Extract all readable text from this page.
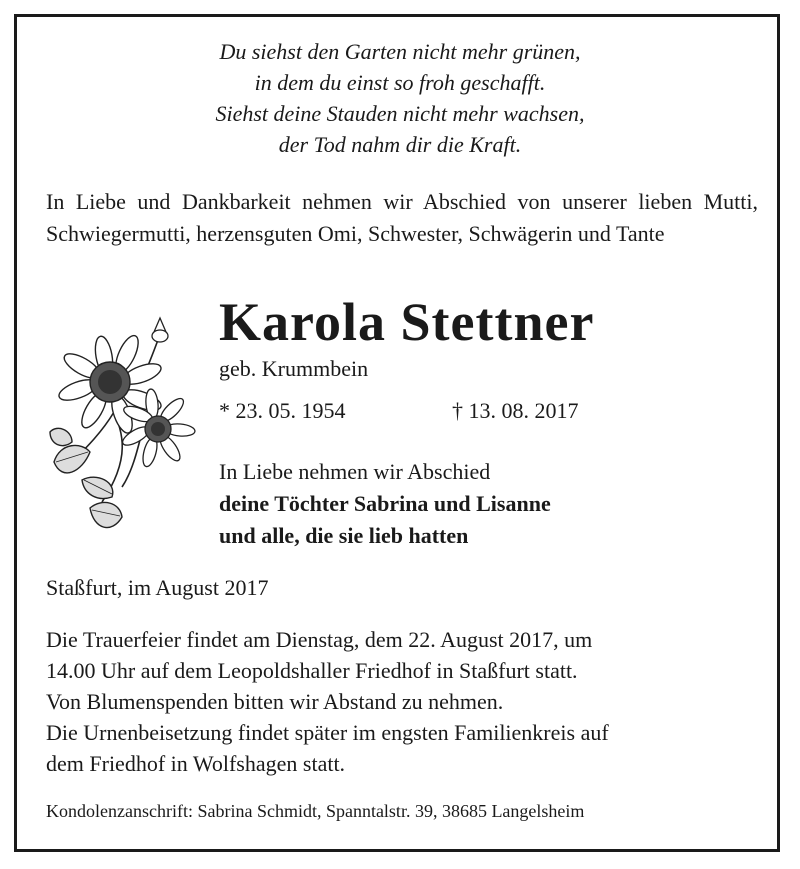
Du siehst den Garten nicht mehr grünen,
in dem du einst so froh geschafft.
Siehst deine Stauden nicht mehr wachsen,
der Tod nahm dir die Kraft.
In Liebe und Dankbarkeit nehmen wir Abschied von unserer lieben Mutti, Schwiegermutti, herzensguten Omi, Schwester, Schwägerin und Tante
Karola Stettner
geb. Krummbein
* 23. 05. 1954	† 13. 08. 2017
In Liebe nehmen wir Abschied
deine Töchter Sabrina und Lisanne
und alle, die sie lieb hatten
Staßfurt, im August 2017
Die Trauerfeier findet am Dienstag, dem 22. August 2017, um
14.00 Uhr auf dem Leopoldshaller Friedhof in Staßfurt statt.
Von Blumenspenden bitten wir Abstand zu nehmen.
Die Urnenbeisetzung findet später im engsten Familienkreis auf
dem Friedhof in Wolfshagen statt.
Kondolenzanschrift: Sabrina Schmidt, Spanntalstr. 39, 38685 Langelsheim
